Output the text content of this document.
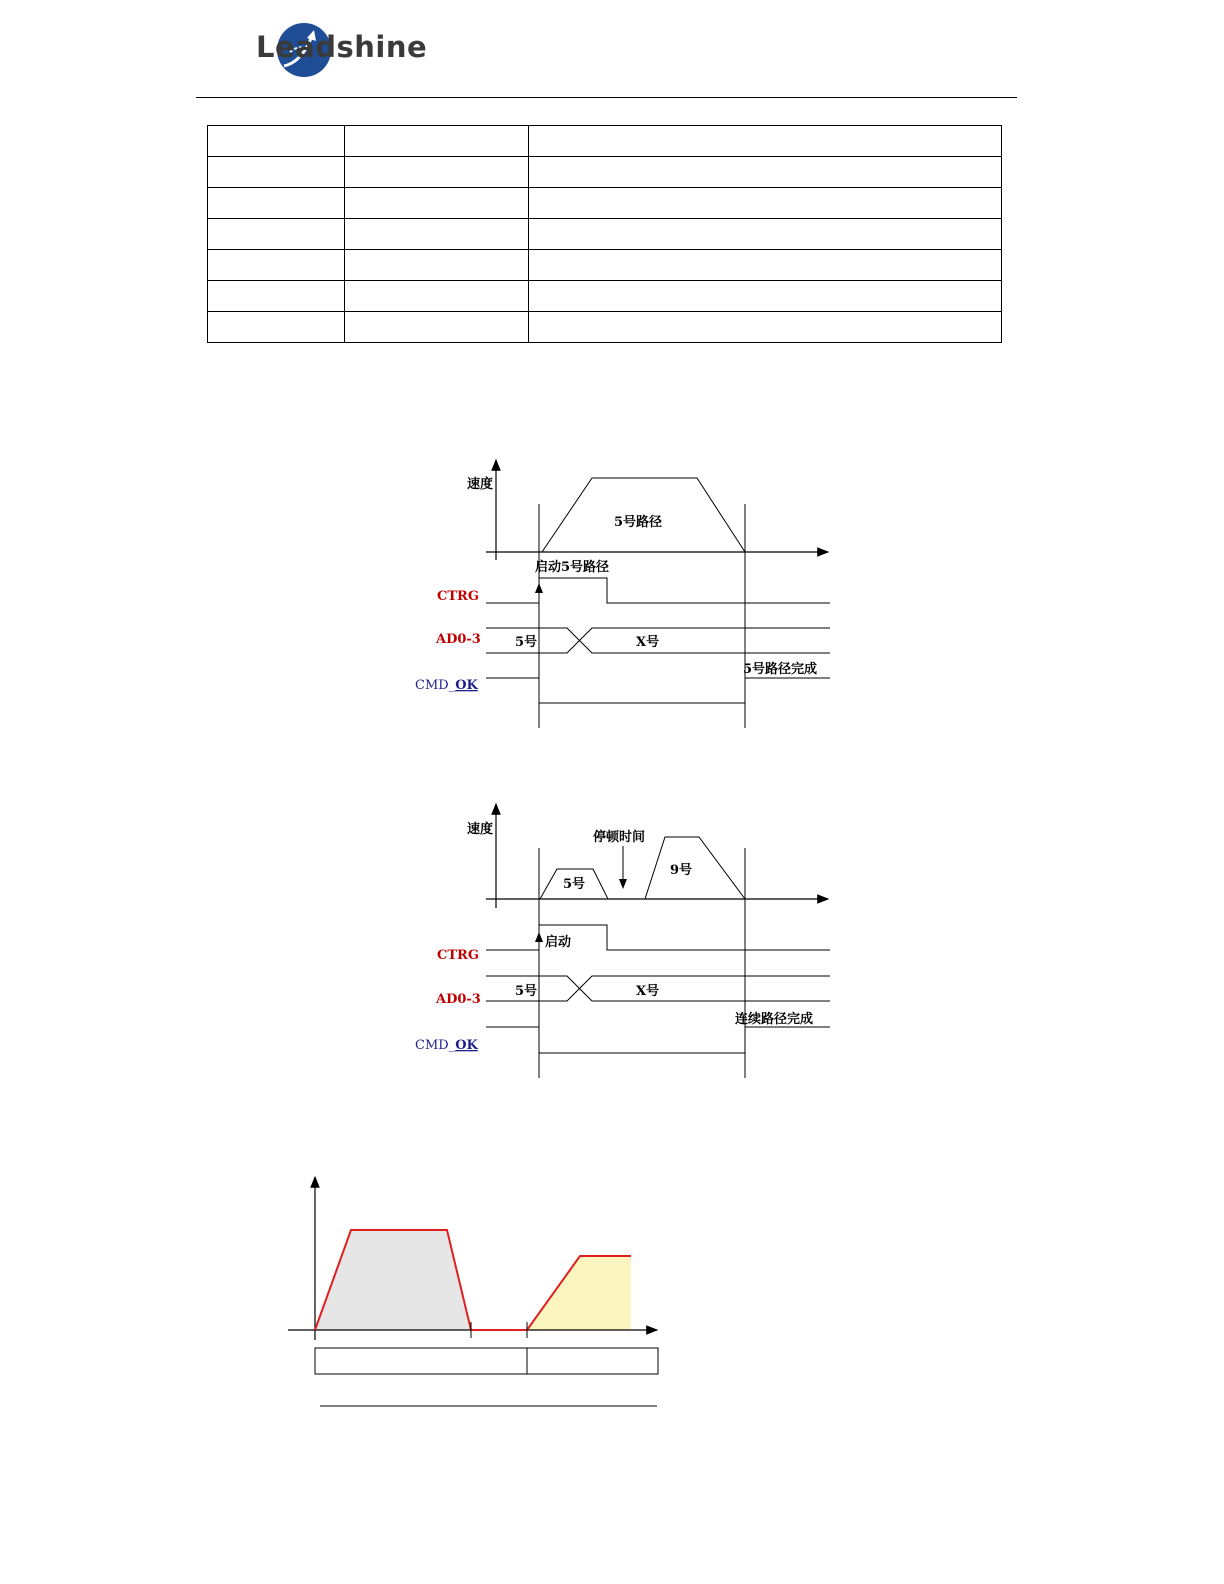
Leadshine

速度
5号路径
启动5号路径
CTRG
AD0-3	5号	X号
5号路径完成
CMD_OK
速度
5号
9号
停顿时间
启动
CTRG
AD0-3
5号	X号
连续路径完成
CMD_OK
